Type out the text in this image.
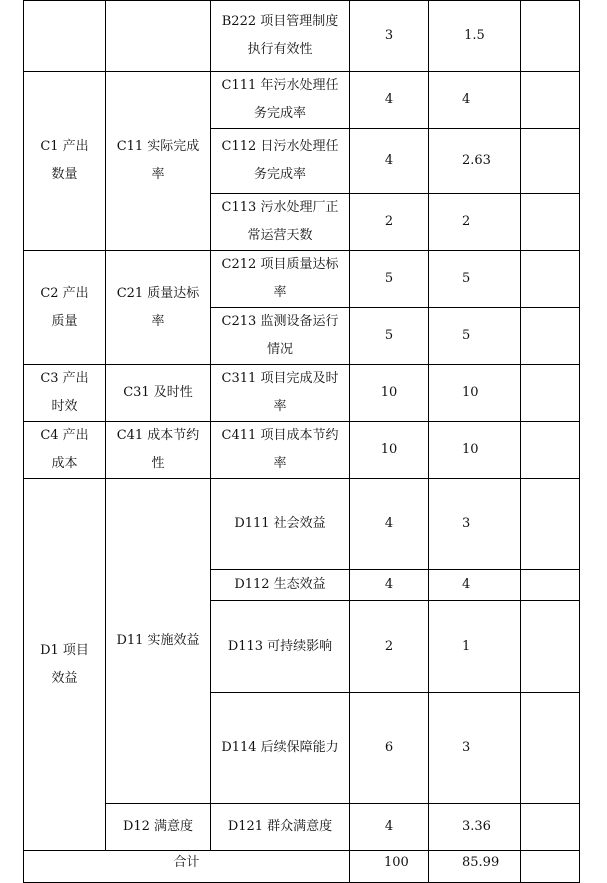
		B222 项目管理制度执行有效性	3	1.5	
C1 产出数量	C11 实际完成率	C111 年污水处理任务完成率	4	4	
		C112 日污水处理任务完成率	4	2.63	
		C113 污水处理厂正常运营天数	2	2	
C2 产出质量	C21 质量达标率	C212 项目质量达标率	5	5	
		C213 监测设备运行情况	5	5	
C3 产出时效	C31 及时性	C311 项目完成及时率	10	10	
C4 产出成本	C41 成本节约性	C411 项目成本节约率	10	10	
D1 项目效益	D11 实施效益	D111 社会效益	4	3	
		D112 生态效益	4	4	
		D113 可持续影响	2	1	
		D114 后续保障能力	6	3	
	D12 满意度	D121 群众满意度	4	3.36	
合计			100	85.99	
